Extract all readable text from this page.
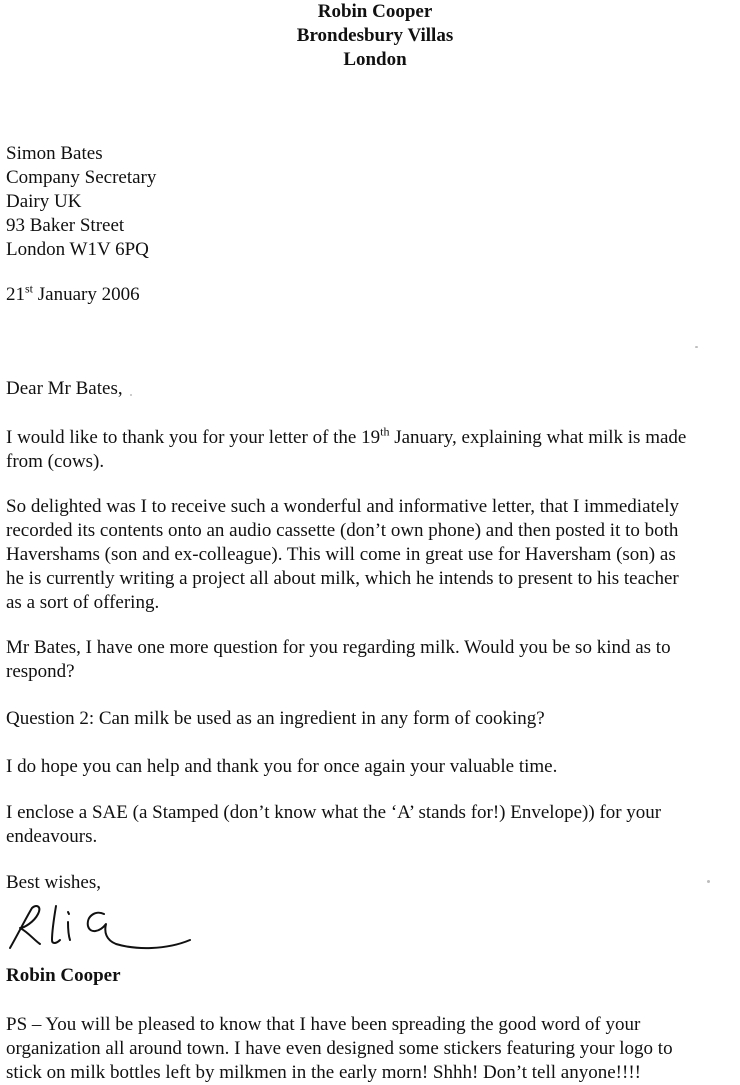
Robin Cooper
Brondesbury Villas
London
Simon Bates
Company Secretary
Dairy UK
93 Baker Street
London W1V 6PQ
21st January 2006
Dear Mr Bates,
I would like to thank you for your letter of the 19th January, explaining what milk is made
from (cows).
So delighted was I to receive such a wonderful and informative letter, that I immediately
recorded its contents onto an audio cassette (don’t own phone) and then posted it to both
Havershams (son and ex-colleague). This will come in great use for Haversham (son) as
he is currently writing a project all about milk, which he intends to present to his teacher
as a sort of offering.
Mr Bates, I have one more question for you regarding milk. Would you be so kind as to
respond?
Question 2: Can milk be used as an ingredient in any form of cooking?
I do hope you can help and thank you for once again your valuable time.
I enclose a SAE (a Stamped (don’t know what the ‘A’ stands for!) Envelope)) for your
endeavours.
Best wishes,
Robin Cooper
PS – You will be pleased to know that I have been spreading the good word of your
organization all around town. I have even designed some stickers featuring your logo to
stick on milk bottles left by milkmen in the early morn! Shhh! Don’t tell anyone!!!!
